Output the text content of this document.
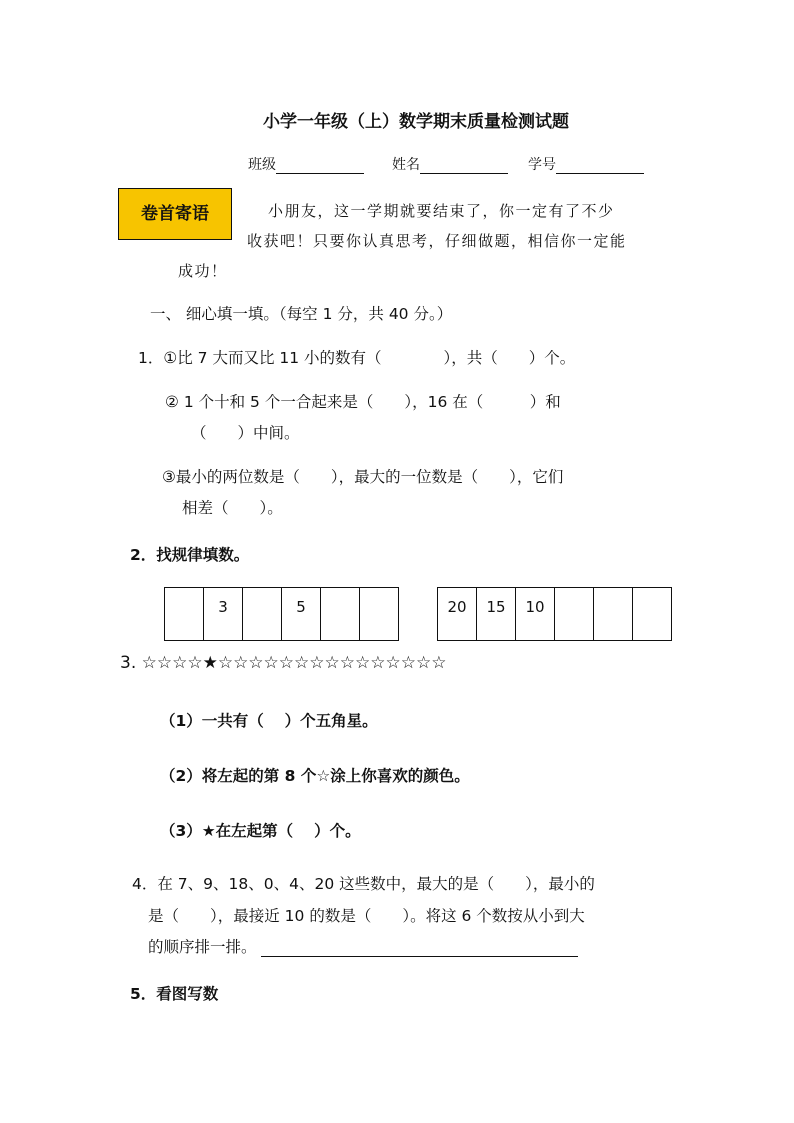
小学一年级（上）数学期末质量检测试题
班级	姓名	学号
卷首寄语	小朋友，这一学期就要结束了，你一定有了不少
收获吧！只要你认真思考，仔细做题，相信你一定能
成功！
一、 细心填一填。（每空 1 分，共 40 分。）
1．①比 7 大而又比 11 小的数有（　　　　），共（　　）个。
② 1 个十和 5 个一合起来是（　　），16 在（　　　）和
（　　）中间。
③最小的两位数是（　　），最大的一位数是（　　），它们
相差（　　）。
2．找规律填数。
	3		5			20	15	10			
3. ☆☆☆☆★☆☆☆☆☆☆☆☆☆☆☆☆☆☆☆
（1）一共有（　 ）个五角星。
（2）将左起的第 8 个☆涂上你喜欢的颜色。
（3）★在左起第（　 ）个。
4．在 7、9、18、0、4、20 这些数中，最大的是（　　），最小的
是（　　），最接近 10 的数是（　　）。将这 6 个数按从小到大
的顺序排一排。
5．看图写数
